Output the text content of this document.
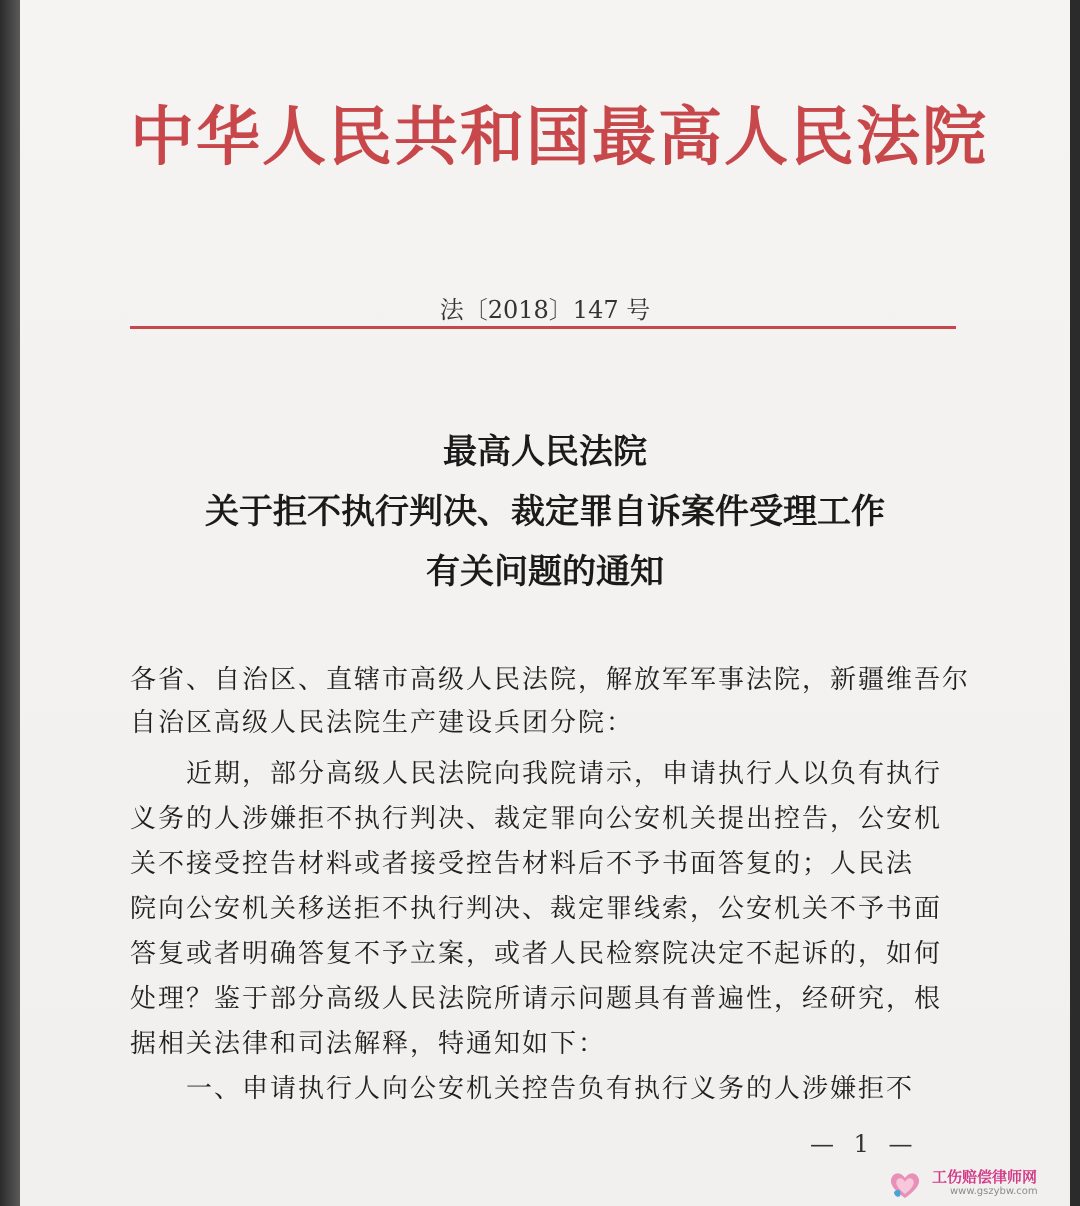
中华人民共和国最高人民法院
法〔2018〕147 号
最高人民法院
关于拒不执行判决、裁定罪自诉案件受理工作
有关问题的通知
各省、自治区、直辖市高级人民法院，解放军军事法院，新疆维吾尔
自治区高级人民法院生产建设兵团分院：
近期，部分高级人民法院向我院请示，申请执行人以负有执行
义务的人涉嫌拒不执行判决、裁定罪向公安机关提出控告，公安机
关不接受控告材料或者接受控告材料后不予书面答复的；人民法
院向公安机关移送拒不执行判决、裁定罪线索，公安机关不予书面
答复或者明确答复不予立案，或者人民检察院决定不起诉的，如何
处理？鉴于部分高级人民法院所请示问题具有普遍性，经研究，根
据相关法律和司法解释，特通知如下：
一、申请执行人向公安机关控告负有执行义务的人涉嫌拒不
— 1 —
工伤赔偿律师网
www.gszybw.com
